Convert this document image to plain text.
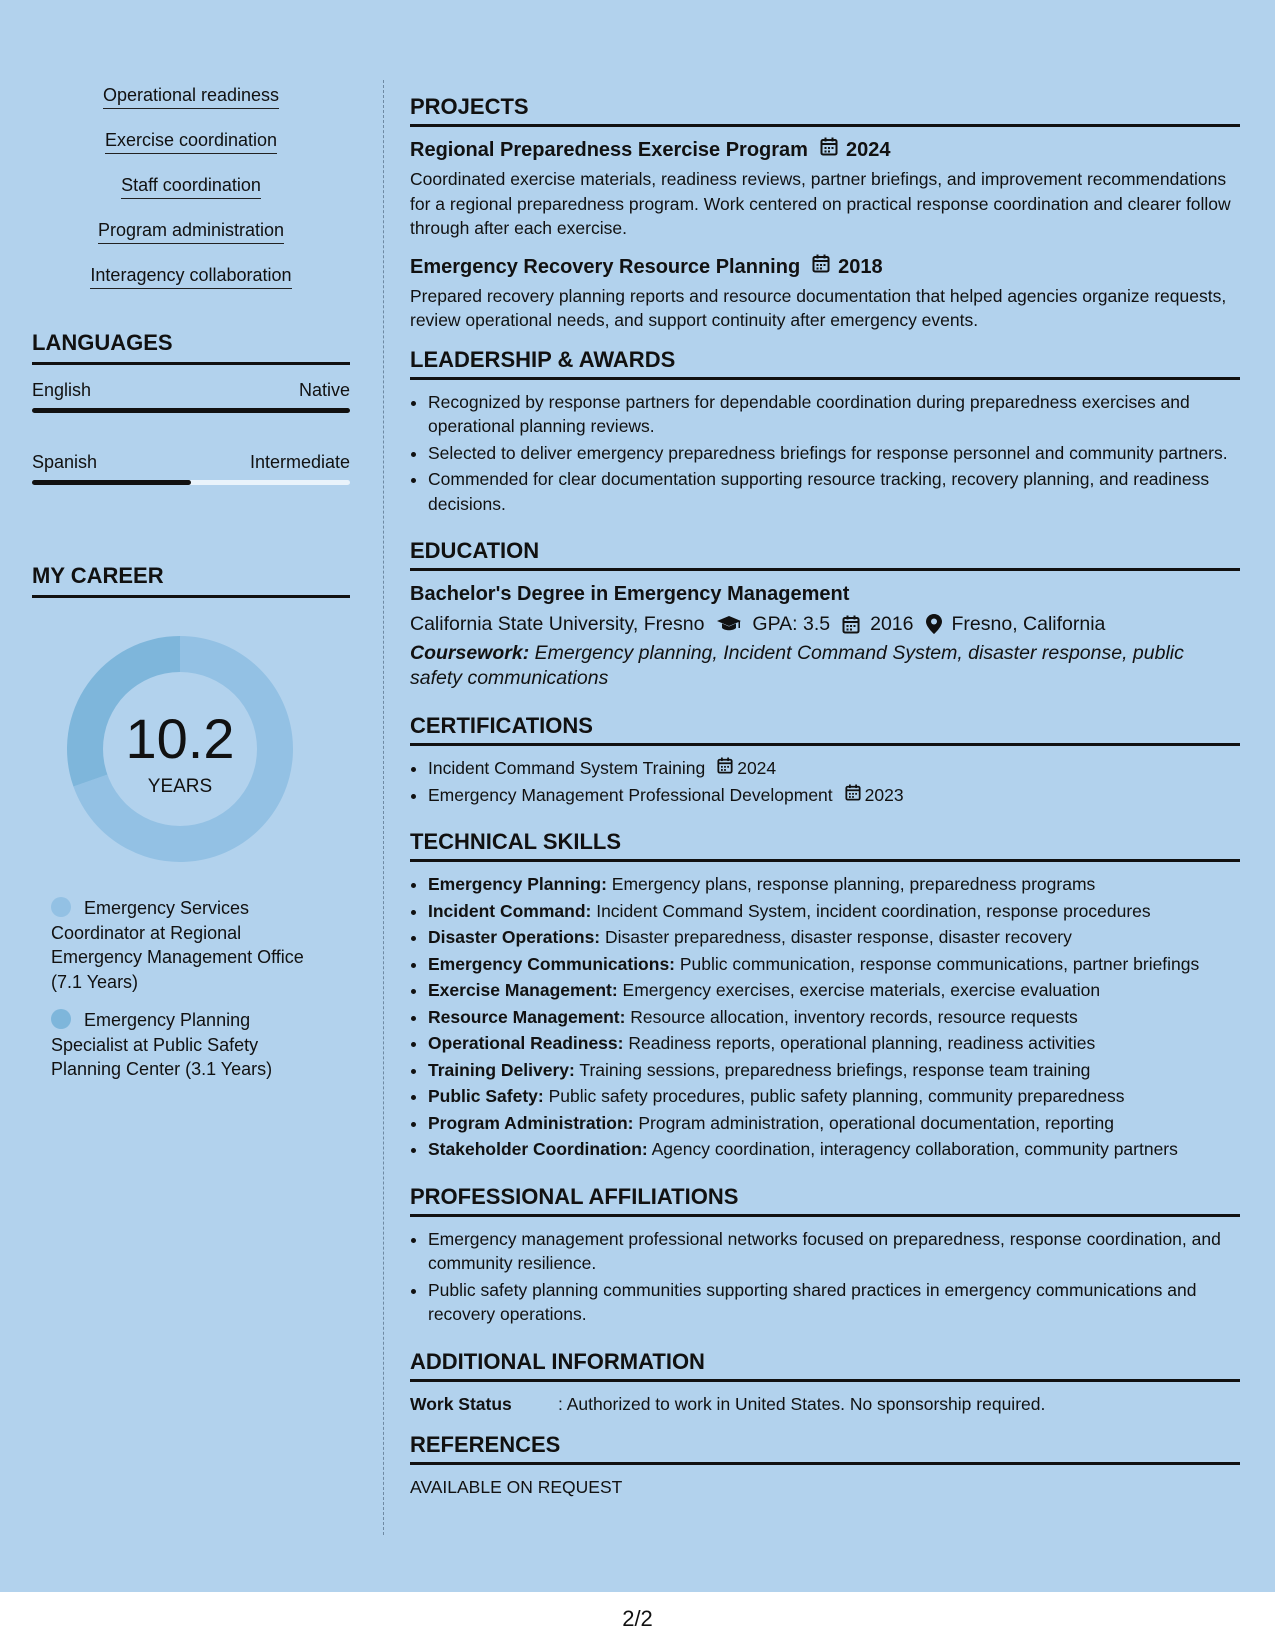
Operational readiness
Exercise coordination
Staff coordination
Program administration
Interagency collaboration
LANGUAGES
English	Native
Spanish	Intermediate
MY CAREER
10.2
YEARS
Emergency Services Coordinator at Regional Emergency Management Office (7.1 Years)
Emergency Planning Specialist at Public Safety Planning Center (3.1 Years)
PROJECTS
Regional Preparedness Exercise Program 2024
Coordinated exercise materials, readiness reviews, partner briefings, and improvement recommendations for a regional preparedness program. Work centered on practical response coordination and clearer follow through after each exercise.
Emergency Recovery Resource Planning 2018
Prepared recovery planning reports and resource documentation that helped agencies organize requests, review operational needs, and support continuity after emergency events.
LEADERSHIP & AWARDS
• Recognized by response partners for dependable coordination during preparedness exercises and operational planning reviews.
• Selected to deliver emergency preparedness briefings for response personnel and community partners.
• Commended for clear documentation supporting resource tracking, recovery planning, and readiness decisions.
EDUCATION
Bachelor's Degree in Emergency Management
California State University, Fresno GPA: 3.5 2016 Fresno, California
Coursework: Emergency planning, Incident Command System, disaster response, public safety communications
CERTIFICATIONS
• Incident Command System Training 2024
• Emergency Management Professional Development 2023
TECHNICAL SKILLS
• Emergency Planning: Emergency plans, response planning, preparedness programs
• Incident Command: Incident Command System, incident coordination, response procedures
• Disaster Operations: Disaster preparedness, disaster response, disaster recovery
• Emergency Communications: Public communication, response communications, partner briefings
• Exercise Management: Emergency exercises, exercise materials, exercise evaluation
• Resource Management: Resource allocation, inventory records, resource requests
• Operational Readiness: Readiness reports, operational planning, readiness activities
• Training Delivery: Training sessions, preparedness briefings, response team training
• Public Safety: Public safety procedures, public safety planning, community preparedness
• Program Administration: Program administration, operational documentation, reporting
• Stakeholder Coordination: Agency coordination, interagency collaboration, community partners
PROFESSIONAL AFFILIATIONS
• Emergency management professional networks focused on preparedness, response coordination, and community resilience.
• Public safety planning communities supporting shared practices in emergency communications and recovery operations.
ADDITIONAL INFORMATION
Work Status	: Authorized to work in United States. No sponsorship required.
REFERENCES
AVAILABLE ON REQUEST
2/2
